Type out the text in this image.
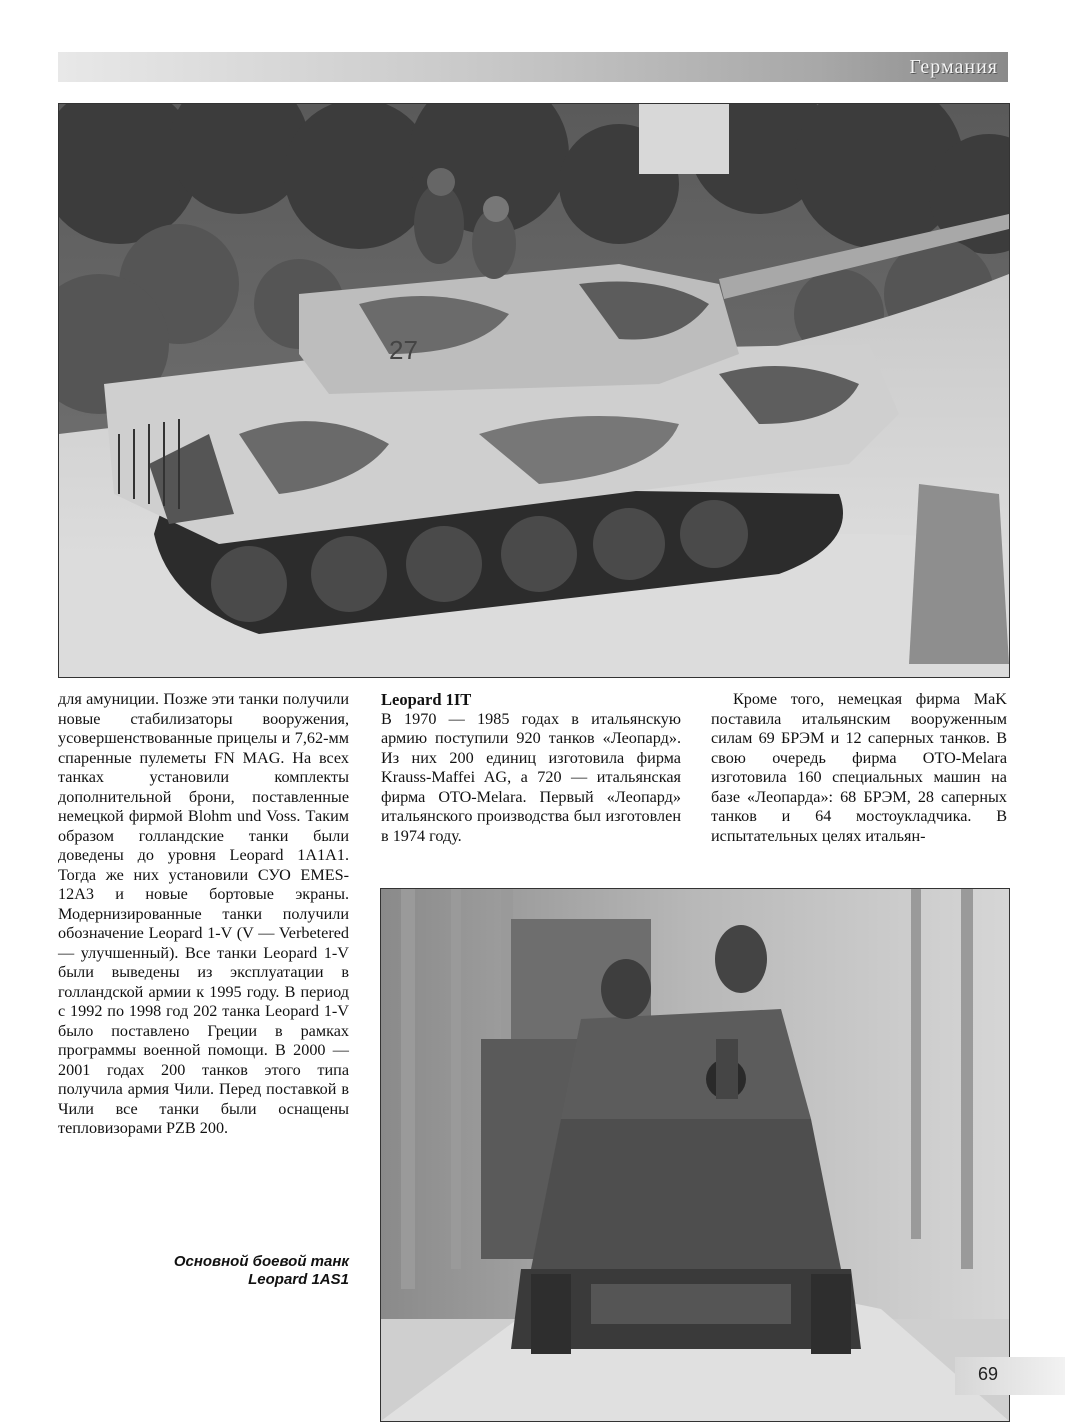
Германия
27

для амуниции. Позже эти танки получили новые стабилизаторы вооружения, усовершенствованные прицелы и 7,62-мм спаренные пулеметы FN MAG. На всех танках установили комплекты дополнительной брони, поставленные немецкой фирмой Blohm und Voss. Таким образом голландские танки были доведены до уровня Leopard 1A1A1. Тогда же них установили СУО EMES-12A3 и новые бортовые экраны. Модернизированные танки получили обозначение Leopard 1-V (V — Verbetered — улучшенный). Все танки Leopard 1-V были выведены из эксплуатации в голландской армии к 1995 году. В период с 1992 по 1998 год 202 танка Leopard 1-V было поставлено Греции в рамках программы военной помощи. В 2000 — 2001 годах 200 танков этого типа получила армия Чили. Перед поставкой в Чили все танки были оснащены тепловизорами PZB 200.

Leopard 1IT
В 1970 — 1985 годах в итальянскую армию поступили 920 танков «Леопард». Из них 200 единиц изготовила фирма Krauss-Maffei AG, а 720 — итальянская фирма OTO-Melara. Первый «Леопард» итальянского производства был изготовлен в 1974 году.
Кроме того, немецкая фирма MaK поставила итальянским вооруженным силам 69 БРЭМ и 12 саперных танков. В свою очередь фирма OTO-Melara изготовила 160 специальных машин на базе «Леопарда»: 68 БРЭМ, 28 саперных танков и 64 мостоукладчика. В испытательных целях итальян-
Основной боевой танк
Leopard 1AS1
69
